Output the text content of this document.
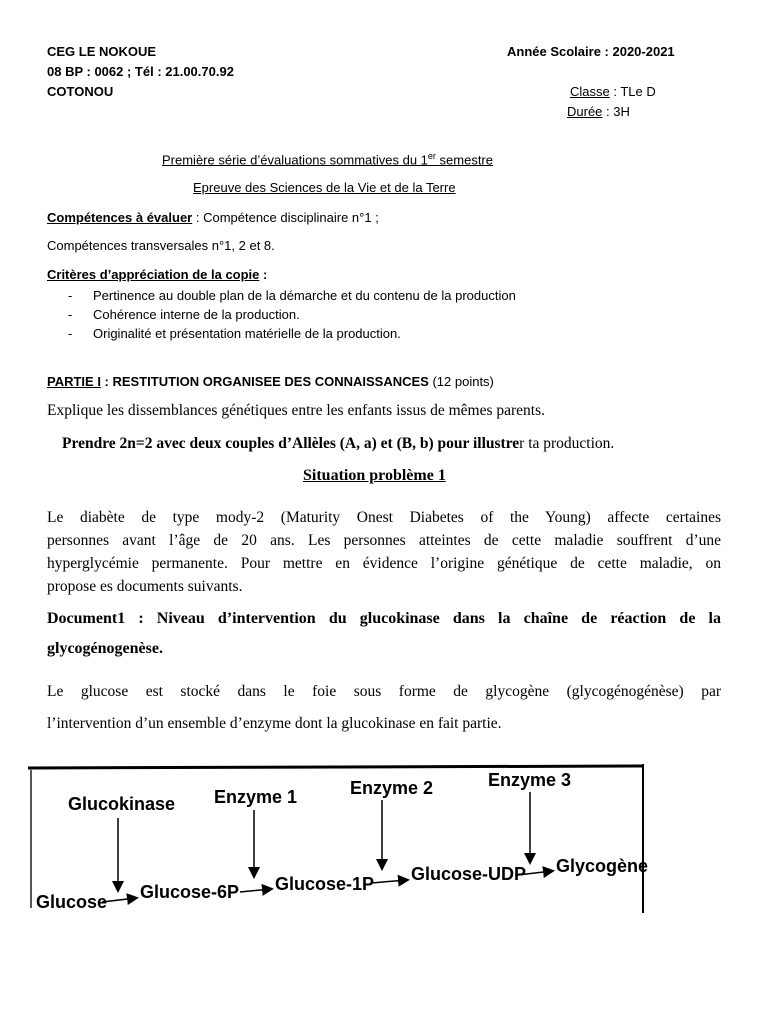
CEG LE NOKOUE
08 BP : 0062 ; Tél : 21.00.70.92
COTONOU
Année Scolaire : 2020-2021
Classe : TLe D
Durée : 3H
Première série d’évaluations sommatives du 1er semestre
Epreuve des Sciences de la Vie et de la Terre
Compétences à évaluer : Compétence disciplinaire n°1 ;
Compétences transversales n°1, 2 et 8.
Critères d’appréciation de la copie :
- Pertinence au double plan de la démarche et du contenu de la production
- Cohérence interne de la production.
- Originalité et présentation matérielle de la production.
PARTIE I : RESTITUTION ORGANISEE DES CONNAISSANCES (12 points)
Explique les dissemblances génétiques entre les enfants issus de mêmes parents.
Prendre 2n=2 avec deux couples d’Allèles (A, a) et (B, b) pour illustrer ta production.
Situation problème 1
Le diabète de type mody-2 (Maturity Onest Diabetes of the Young) affecte certaines
personnes avant l’âge de 20 ans. Les personnes atteintes de cette maladie souffrent d’une
hyperglycémie permanente. Pour mettre en évidence l’origine génétique de cette maladie, on
propose es documents suivants.
Document1 : Niveau d’intervention du glucokinase dans la chaîne de réaction de la
glycogénogenèse.
Le glucose est stocké dans le foie sous forme de glycogène (glycogénogénèse) par
l’intervention d’un ensemble d’enzyme dont la glucokinase en fait partie.
Glucokinase Enzyme 1	Enzyme 2	Enzyme 3
Glucose Glucose-6P Glucose-1P Glucose-UDP Glycogène
